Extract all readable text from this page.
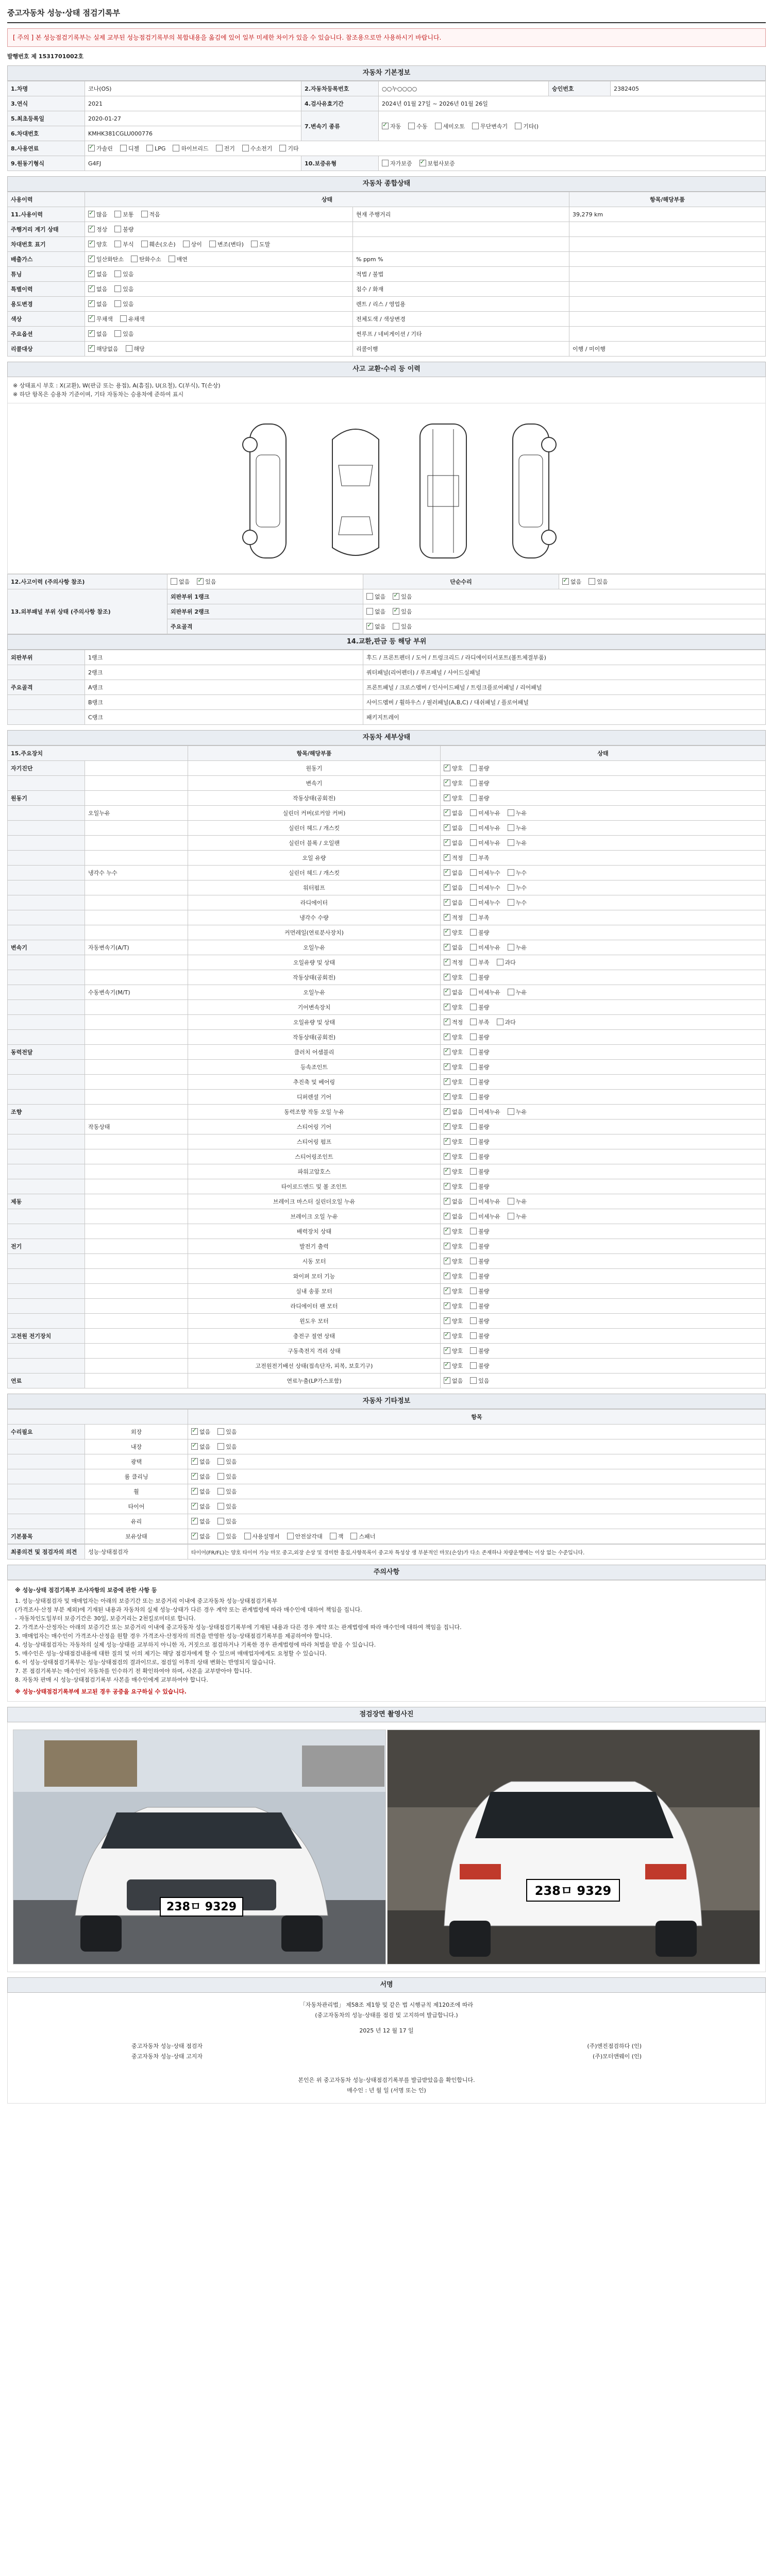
중고자동차 성능·상태 점검기록부
[ 주의 ] 본 성능점검기록부는 실제 교부된 성능점검기록부의 복합내용을 옮김에 있어 일부 미세한 차이가 있을 수 있습니다. 참조용으로만 사용하시기 바랍니다.
발행번호 제 1531701002호
자동차 기본정보
1.차명	코나(OS)	2.자동차등록번호	○○누○○○○	승인번호	2382405
3.연식	2021	4.검사유효기간	2024년 01월 27일 ~ 2026년 01월 26일		
5.최초등록일	2020-01-27	7.변속기 종류	✓자동 수동 세미오토 무단변속기 기타()
6.차대번호	KMHK381CGLU000776				
8.사용연료	✓가솔린 디젤 LPG 하이브리드 전기 수소전기 기타
9.원동기형식	G4FJ	10.보증유형	자가보증 ✓ 보험사보증
자동차 종합상태
사용이력	상태		항목/해당부품
11.사용이력	✓많음 보통 적음	현재 주행거리	39,279 km
주행거리 계기 상태	✓정상 불량		
차대번호 표기	✓양호 부식 훼손(오손) 상이 변조(변타) 도말		
배출가스	✓일산화탄소 탄화수소 매연	% ppm %	
튜닝	✓없음 있음	적법 / 불법	
특별이력	✓없음 있음	침수 / 화재	
용도변경	✓없음 있음	렌트 / 리스 / 영업용	
색상	✓무채색 유채색	전체도색 / 색상변경	
주요옵션	✓없음 있음	썬루프 / 네비게이션 / 기타	
리콜대상	✓해당없음 해당	리콜이행	이행 / 미이행
사고 교환·수리 등 이력
※ 상태표시 부호 : X(교환), W(판금 또는 용접), A(흠집), U(요철), C(부식), T(손상)
※ 하단 항목은 승용차 기준이며, 기타 자동차는 승용차에 준하여 표시
12.사고이력 (주의사항 참조)	없음 ✓ 있음	단순수리	✓없음 있음
13.외부패널 부위 상태 (주의사항 참조)	외판부위 1랭크	없음 ✓ 있음
	외판부위 2랭크	없음 ✓ 있음
	주요골격	✓없음 있음
14.교환,판금 등 해당 부위
외판부위	1랭크	후드 / 프론트펜더 / 도어 / 트렁크리드 / 라디에이터서포트(볼트체결부품)
	2랭크	쿼터패널(리어펜더) / 루프패널 / 사이드실패널
주요골격	A랭크	프론트패널 / 크로스멤버 / 인사이드패널 / 트렁크플로어패널 / 리어패널
	B랭크	사이드멤버 / 휠하우스 / 필러패널(A,B,C) / 대쉬패널 / 플로어패널
	C랭크	패키지트레이
자동차 세부상태
15.주요장치		항목/해당부품	상태
자기진단		원동기	✓양호 불량
		변속기	✓양호 불량
원동기		작동상태(공회전)	✓양호 불량
	오일누유	실린더 커버(로커암 커버)	✓없음 미세누유 누유
		실린더 헤드 / 개스킷	✓없음 미세누유 누유
		실린더 블록 / 오일팬	✓없음 미세누유 누유
		오일 유량	✓적정 부족
	냉각수 누수	실린더 헤드 / 개스킷	✓없음 미세누수 누수
		워터펌프	✓없음 미세누수 누수
		라디에이터	✓없음 미세누수 누수
		냉각수 수량	✓적정 부족
		커먼레일(연료분사장치)	✓양호 불량
변속기	자동변속기(A/T)	오일누유	✓없음 미세누유 누유
		오일유량 및 상태	✓적정 부족 과다
		작동상태(공회전)	✓양호 불량
	수동변속기(M/T)	오일누유	✓없음 미세누유 누유
		기어변속장치	✓양호 불량
		오일유량 및 상태	✓적정 부족 과다
		작동상태(공회전)	✓양호 불량
동력전달		클러치 어셈블리	✓양호 불량
		등속조인트	✓양호 불량
		추진축 및 베어링	✓양호 불량
		디퍼렌셜 기어	✓양호 불량
조향		동력조향 작동 오일 누유	✓없음 미세누유 누유
	작동상태	스티어링 기어	✓양호 불량
		스티어링 펌프	✓양호 불량
		스티어링조인트	✓양호 불량
		파워고압호스	✓양호 불량
		타이로드엔드 및 볼 조인트	✓양호 불량
제동		브레이크 마스터 실린더오일 누유	✓없음 미세누유 누유
		브레이크 오일 누유	✓없음 미세누유 누유
		배력장치 상태	✓양호 불량
전기		발전기 출력	✓양호 불량
		시동 모터	✓양호 불량
		와이퍼 모터 기능	✓양호 불량
		실내 송풍 모터	✓양호 불량
		라디에이터 팬 모터	✓양호 불량
		윈도우 모터	✓양호 불량
고전원 전기장치		충전구 절연 상태	✓양호 불량
		구동축전지 격리 상태	✓양호 불량
		고전원전기배선 상태(접속단자, 피복, 보호기구)	✓양호 불량
연료		연료누출(LP가스포함)	✓없음 있음
자동차 기타정보
		항목
수리필요	외장	✓없음 있음
	내장	✓없음 있음
	광택	✓없음 있음
	룸 클리닝	✓없음 있음
	휠	✓없음 있음
	타이어	✓없음 있음
	유리	✓없음 있음
기본품목	보유상태	✓없음 있음 사용설명서 안전삼각대 잭 스패너
최종의견 및 점검자의 의견	성능·상태점검자	타이어(FR/FL)는 양호 타이어 가능 마모 중고,외장 손상 및 경미한 흠집,사항목록이 중고차 특성상 생 부분적인 마모(손상)가 다소 존재하나 차량운행에는 이상 없는 수준입니다.
주의사항
※ 성능·상태 점검기록부 조사자항의 보증에 관한 사항 등
1. 성능·상태점검자 및 매매업자는 아래의 보증기간 또는 보증거리 이내에 중고자동차 성능·상태점검기록부
(가격조사·산정 부분 제외)에 기재된 내용과 자동차의 실제 성능·상태가 다른 경우 계약 또는 관계법령에 따라 매수인에 대하여 책임을 집니다.
- 자동차인도일부터 보증기간은 30일, 보증거리는 2천킬로미터로 합니다.
2. 가격조사·산정자는 아래의 보증기간 또는 보증거리 이내에 중고자동차 성능·상태점검기록부에 기재된 내용과 다른 경우 계약 또는 관계법령에 따라 매수인에 대하여 책임을 집니다.
3. 매매업자는 매수인이 가격조사·산정을 원할 경우 가격조사·산정자의 의견을 반영한 성능·상태점검기록부를 제공하여야 합니다.
4. 성능·상태점검자는 자동차의 실제 성능·상태를 교부하지 아니한 자, 거짓으로 점검하거나 기록한 경우 관계법령에 따라 처벌을 받을 수 있습니다.
5. 매수인은 성능·상태점검내용에 대한 질의 및 이의 제기는 해당 점검자에게 할 수 있으며 매매업자에게도 요청할 수 있습니다.
6. 이 성능·상태점검기록부는 성능·상태점검의 결과이므로, 점검일 이후의 상태 변화는 반영되지 않습니다.
7. 본 점검기록부는 매수인이 자동차를 인수하기 전 확인하여야 하며, 사본을 교부받아야 합니다.
8. 자동차 판매 시 성능·상태점검기록부 사본을 매수인에게 교부하여야 합니다.
※ 성능·상태점검기록부에 보고된 경우 공증을 요구하실 수 있습니다.
점검장면 촬영사진
238ㅁ 9329
238ㅁ 9329
서명
「자동차관리법」 제58조 제1항 및 같은 법 시행규칙 제120조에 따라
(중고자동차의 성능·상태를 점검 및 고지하여 발급합니다.)
2025 년 12 월 17 일
중고자동차 성능·상태 점검자	(주)엔진점검하다 (인)
중고자동차 성능·상태 고지자	(주)모터앤웨이 (인)
본인은 위 중고자동차 성능·상태점검기록부를 발급받았음을 확인합니다.
매수인 : 년 월 일 (서명 또는 인)
